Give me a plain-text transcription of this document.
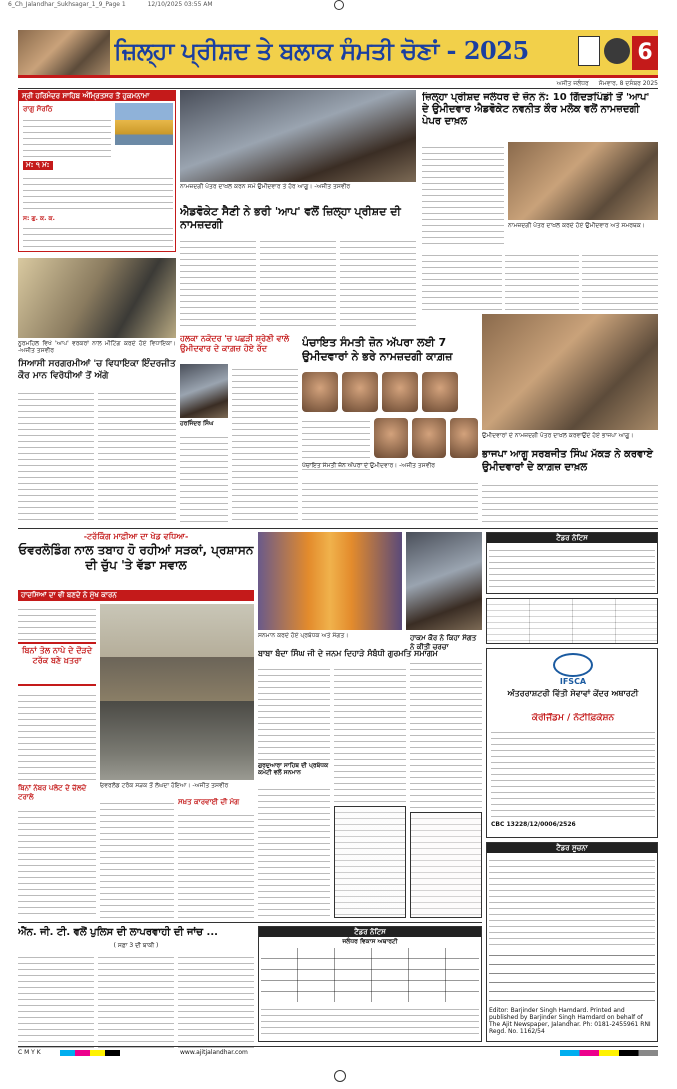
6_Ch_Jalandhar_Sukhsagar_1_9_Page 1	12/10/2025 03:55 AM
ਜ਼ਿਲ੍ਹਾ ਪ੍ਰੀਸ਼ਦ ਤੇ ਬਲਾਕ ਸੰਮਤੀ ਚੋਣਾਂ - 2025	6
ਅਜੀਤ ਜਲੰਧਰ ਸੋਮਵਾਰ, 8 ਦਸੰਬਰ 2025
ਸ੍ਰੀ ਹਰਿਮੰਦਰ ਸਾਹਿਬ ਅੰਮ੍ਰਿਤਸਰ ਤੋਂ ਹੁਕਮਨਾਮਾ
ਰਾਗੁ ਸੋਰਠਿ
ਮ: ੧ ਮ:
ਸ: ਗੁ. ਕ. ਕ.
ਨਾਮਜ਼ਦਗੀ ਪੱਤਰ ਦਾਖ਼ਲ ਕਰਨ ਸਮੇਂ ਉਮੀਦਵਾਰ ਤੇ ਹੋਰ ਆਗੂ। -ਅਜੀਤ ਤਸਵੀਰ
ਐਡਵੋਕੇਟ ਸੈਣੀ ਨੇ ਭਰੀ 'ਆਪ' ਵਲੋਂ ਜ਼ਿਲ੍ਹਾ ਪ੍ਰੀਸ਼ਦ ਦੀ ਨਾਮਜ਼ਦਗੀ
ਜ਼ਿਲ੍ਹਾ ਪ੍ਰੀਸ਼ਦ ਜਲੰਧਰ ਦੇ ਜ਼ੋਨ ਨੰ: 10 ਗਿੱਦੜਪਿੰਡੀ ਤੋਂ 'ਆਪ' ਦੇ ਉਮੀਦਵਾਰ ਐਡਵੋਕੇਟ ਨਵਨੀਤ ਕੌਰ ਮਲੋਕ ਵਲੋਂ ਨਾਮਜ਼ਦਗੀ ਪੇਪਰ ਦਾਖ਼ਲ
ਨਾਮਜ਼ਦਗੀ ਪੱਤਰ ਦਾਖ਼ਲ ਕਰਦੇ ਹੋਏ ਉਮੀਦਵਾਰ ਅਤੇ ਸਮਰਥਕ।
ਨੂਰਮਹਿਲ ਵਿਖੇ 'ਆਪ' ਵਰਕਰਾਂ ਨਾਲ ਮੀਟਿੰਗ ਕਰਦੇ ਹੋਏ ਵਿਧਾਇਕਾ। -ਅਜੀਤ ਤਸਵੀਰ
ਸਿਆਸੀ ਸਰਗਰਮੀਆਂ 'ਚ ਵਿਧਾਇਕਾ ਇੰਦਰਜੀਤ ਕੌਰ ਮਾਨ ਵਿਰੋਧੀਆਂ ਤੋਂ ਅੱਗੇ
ਹਲਕਾ ਨਕੋਦਰ 'ਚ ਪਛੜੀ ਸ਼੍ਰੇਣੀ ਵਾਲੇ ਉਮੀਦਵਾਰ ਦੇ ਕਾਗ਼ਜ਼ ਹੋਏ ਰੱਦ
ਹਰਜਿੰਦਰ ਸਿੰਘ
ਪੰਚਾਇਤ ਸੰਮਤੀ ਜ਼ੋਨ ਅੱਪਰਾ ਲਈ 7 ਉਮੀਦਵਾਰਾਂ ਨੇ ਭਰੇ ਨਾਮਜ਼ਦਗੀ ਕਾਗ਼ਜ਼
ਪੰਚਾਇਤ ਸੰਮਤੀ ਜ਼ੋਨ ਅੱਪਰਾ ਦੇ ਉਮੀਦਵਾਰ। -ਅਜੀਤ ਤਸਵੀਰ
ਉਮੀਦਵਾਰਾਂ ਦੇ ਨਾਮਜ਼ਦਗੀ ਪੱਤਰ ਦਾਖ਼ਲ ਕਰਵਾਉਂਦੇ ਹੋਏ ਭਾਜਪਾ ਆਗੂ।
ਭਾਜਪਾ ਆਗੂ ਸਰਬਜੀਤ ਸਿੰਘ ਮੱਕੜ ਨੇ ਕਰਵਾਏ ਉਮੀਦਵਾਰਾਂ ਦੇ ਕਾਗ਼ਜ਼ ਦਾਖ਼ਲ
-ਟਰੱਕਿੰਗ ਮਾਫ਼ੀਆ ਦਾ ਖੇਡ ਵਧਿਆ-
ਓਵਰਲੋਡਿੰਗ ਨਾਲ ਤਬਾਹ ਹੋ ਰਹੀਆਂ ਸੜਕਾਂ, ਪ੍ਰਸ਼ਾਸਨ ਦੀ ਚੁੱਪ 'ਤੇ ਵੱਡਾ ਸਵਾਲ
ਹਾਦਸਿਆਂ ਦਾ ਵੀ ਬਣਦੇ ਨੇ ਮੁੱਖ ਕਾਰਨ
ਬਿਨਾਂ ਤੋਲ ਨਾਪੇ ਦੇ ਦੌੜਦੇ ਟਰੱਕ ਬਣੇ ਖ਼ਤਰਾ
ਬਿਨਾਂ ਨੰਬਰ ਪਲੇਟ ਦੇ ਚੱਲਦੇ ਟਰਾਲੇ
ਓਵਰਲੋਡ ਟਰੱਕ ਸੜਕ ਤੋਂ ਲੰਘਦਾ ਹੋਇਆ। -ਅਜੀਤ ਤਸਵੀਰ
ਸਖ਼ਤ ਕਾਰਵਾਈ ਦੀ ਮੰਗ
ਸਨਮਾਨ ਕਰਦੇ ਹੋਏ ਪ੍ਰਬੰਧਕ ਅਤੇ ਸੰਗਤ।
ਬਾਬਾ ਬੰਦਾ ਸਿੰਘ ਜੀ ਦੇ ਜਨਮ ਦਿਹਾੜੇ ਸੰਬੰਧੀ ਗੁਰਮਤਿ ਸਮਾਗਮ
ਗੁਰਦੁਆਰਾ ਸਾਹਿਬ ਦੀ ਪ੍ਰਬੰਧਕ ਕਮੇਟੀ ਵਲੋਂ ਸਨਮਾਨ
ਹਾਕਮ ਕੌਰ ਨੇ ਕਿਹਾ ਸੰਗਤ ਨੇ ਕੀਤੀ ਚਰਚਾ
ਟੈਂਡਰ ਨੋਟਿਸ
IFSCA
ਅੰਤਰਰਾਸ਼ਟਰੀ ਵਿੱਤੀ ਸੇਵਾਵਾਂ ਕੇਂਦਰ ਅਥਾਰਟੀ
ਕੋਰੀਜੈਂਡਮ / ਨੋਟੀਫ਼ਿਕੇਸ਼ਨ
CBC 13228/12/0006/2526
ਟੈਂਡਰ ਸੂਚਨਾ
Editor: Barjinder Singh Hamdard. Printed and published by Barjinder Singh Hamdard on behalf of The Ajit Newspaper, Jalandhar. Ph: 0181-2455961 RNI Regd. No. 1162/54
ਐੱਨ. ਜੀ. ਟੀ. ਵਲੋਂ ਪੁਲਿਸ ਦੀ ਲਾਪਰਵਾਹੀ ਦੀ ਜਾਂਚ ...
( ਸਫ਼ਾ 3 ਦੀ ਬਾਕੀ )
ਟੈਂਡਰ ਨੋਟਿਸ
ਜਲੰਧਰ ਵਿਕਾਸ ਅਥਾਰਟੀ
C M Y K	www.ajitjalandhar.com
